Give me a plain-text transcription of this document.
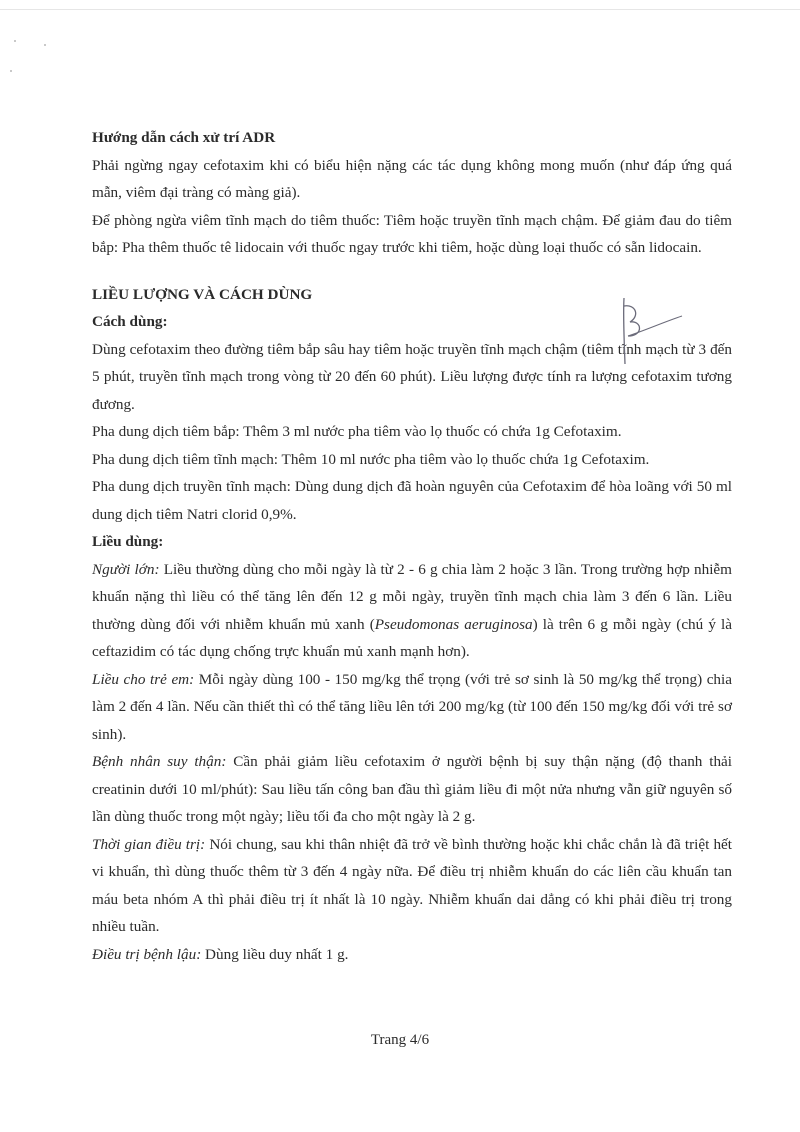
Hướng dẫn cách xử trí ADR

Phải ngừng ngay cefotaxim khi có biểu hiện nặng các tác dụng không mong muốn (như đáp ứng quá mẫn, viêm đại tràng có màng giả).

Để phòng ngừa viêm tĩnh mạch do tiêm thuốc: Tiêm hoặc truyền tĩnh mạch chậm. Để giảm đau do tiêm bắp: Pha thêm thuốc tê lidocain với thuốc ngay trước khi tiêm, hoặc dùng loại thuốc có sẵn lidocain.

LIỀU LƯỢNG VÀ CÁCH DÙNG

Cách dùng:

Dùng cefotaxim theo đường tiêm bắp sâu hay tiêm hoặc truyền tĩnh mạch chậm (tiêm tĩnh mạch từ 3 đến 5 phút, truyền tĩnh mạch trong vòng từ 20 đến 60 phút). Liều lượng được tính ra lượng cefotaxim tương đương.

Pha dung dịch tiêm bắp: Thêm 3 ml nước pha tiêm vào lọ thuốc có chứa 1g Cefotaxim.

Pha dung dịch tiêm tĩnh mạch: Thêm 10 ml nước pha tiêm vào lọ thuốc chứa 1g Cefotaxim.

Pha dung dịch truyền tĩnh mạch: Dùng dung dịch đã hoàn nguyên của Cefotaxim để hòa loãng với 50 ml dung dịch tiêm Natri clorid 0,9%.

Liều dùng:

Người lớn: Liều thường dùng cho mỗi ngày là từ 2 - 6 g chia làm 2 hoặc 3 lần. Trong trường hợp nhiễm khuẩn nặng thì liều có thể tăng lên đến 12 g mỗi ngày, truyền tĩnh mạch chia làm 3 đến 6 lần. Liều thường dùng đối với nhiễm khuẩn mủ xanh (Pseudomonas aeruginosa) là trên 6 g mỗi ngày (chú ý là ceftazidim có tác dụng chống trực khuẩn mủ xanh mạnh hơn).

Liều cho trẻ em: Mỗi ngày dùng 100 - 150 mg/kg thể trọng (với trẻ sơ sinh là 50 mg/kg thể trọng) chia làm 2 đến 4 lần. Nếu cần thiết thì có thể tăng liều lên tới 200 mg/kg (từ 100 đến 150 mg/kg đối với trẻ sơ sinh).

Bệnh nhân suy thận: Cần phải giảm liều cefotaxim ở người bệnh bị suy thận nặng (độ thanh thải creatinin dưới 10 ml/phút): Sau liều tấn công ban đầu thì giảm liều đi một nửa nhưng vẫn giữ nguyên số lần dùng thuốc trong một ngày; liều tối đa cho một ngày là 2 g.

Thời gian điều trị: Nói chung, sau khi thân nhiệt đã trở về bình thường hoặc khi chắc chắn là đã triệt hết vi khuẩn, thì dùng thuốc thêm từ 3 đến 4 ngày nữa. Để điều trị nhiễm khuẩn do các liên cầu khuẩn tan máu beta nhóm A thì phải điều trị ít nhất là 10 ngày. Nhiễm khuẩn dai dẳng có khi phải điều trị trong nhiều tuần.

Điều trị bệnh lậu: Dùng liều duy nhất 1 g.

Trang 4/6
